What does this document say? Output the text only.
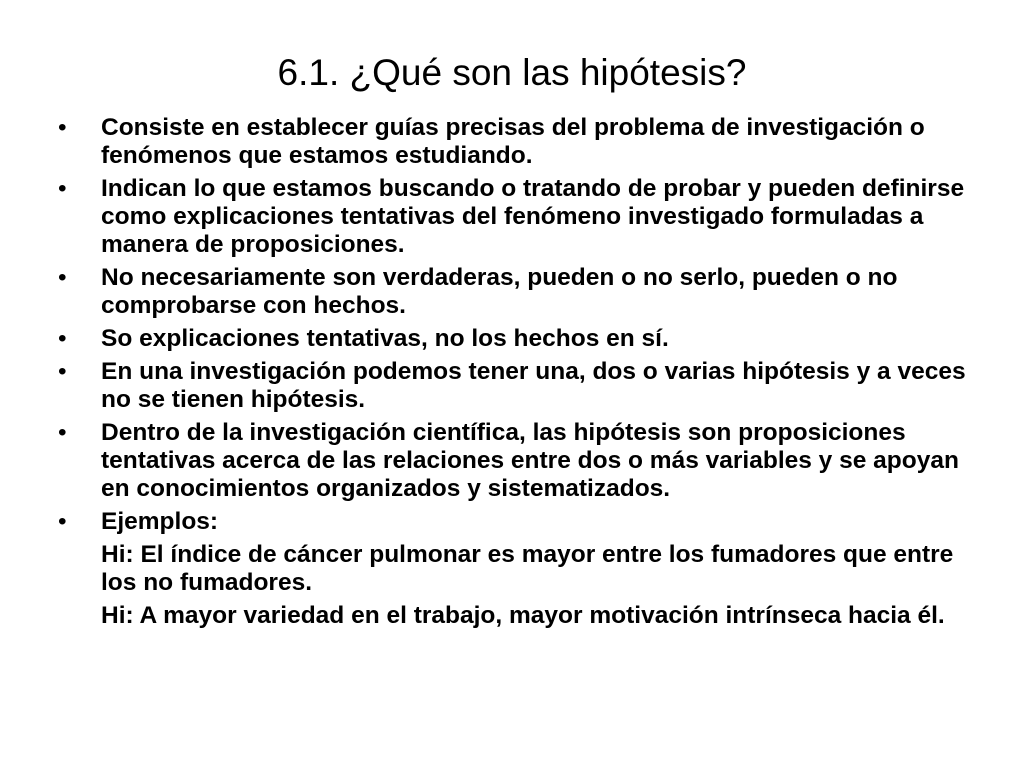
6.1. ¿Qué son las hipótesis?
• Consiste en establecer guías precisas del problema de investigación o fenómenos que estamos estudiando.
• Indican lo que estamos buscando o tratando de probar y pueden definirse como explicaciones tentativas del fenómeno investigado formuladas a manera de proposiciones.
• No necesariamente son verdaderas, pueden o no serlo, pueden o no comprobarse con hechos.
• So explicaciones tentativas, no los hechos en sí.
• En una investigación podemos tener una, dos o varias hipótesis y a veces no se tienen hipótesis.
• Dentro de la investigación científica, las hipótesis son proposiciones tentativas acerca de las relaciones entre dos o más variables y se apoyan en conocimientos organizados y sistematizados.
• Ejemplos:
Hi: El índice de cáncer pulmonar es mayor entre los fumadores que entre los no fumadores.
Hi: A mayor variedad en el trabajo, mayor motivación intrínseca hacia él.
